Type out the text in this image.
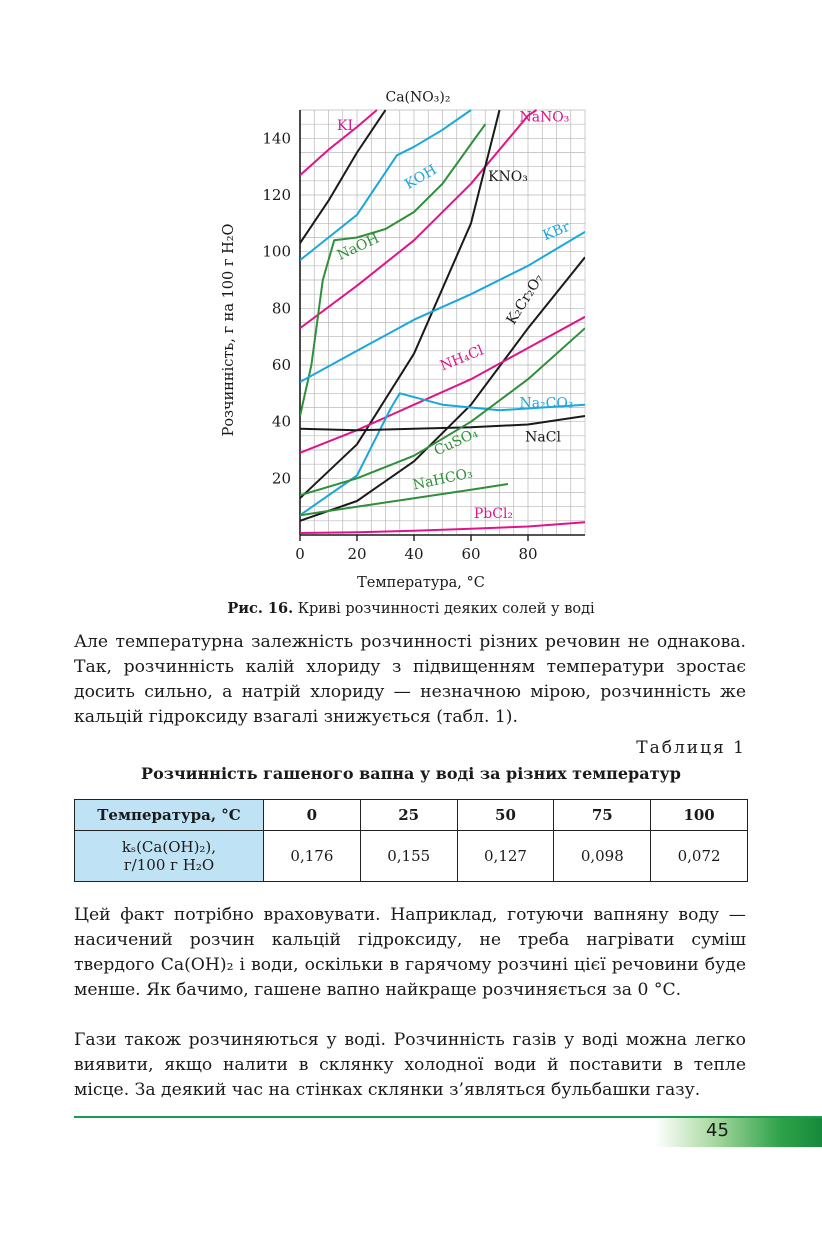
0	20	40	60	80
20
40
60
80
100
120
140
KI
Ca(NO₃)₂
KOH
NaNO₃
KNO₃
NaOH	KBr
K₂Cr₂O₇
NH₄Cl
Na₂CO₃
NaCl
CuSO₄
NaHCO₃
PbCl₂
Розчинність, г на 100 г H₂O
Температура, °С
Рис. 16. Криві розчинності деяких солей у воді

Але температурна залежність розчинності різних речовин не однакова. Так, розчинність калій хлориду з підвищенням температури зростає досить сильно, а натрій хлориду — незначною мірою, розчинність же кальцій гідроксиду взагалі знижується (табл. 1).

Таблиця 1
Розчинність гашеного вапна у воді за різних температур
Температура, °С	0	25	50	75	100

kₛ(Ca(OH)₂),
г/100 г H₂O	0,176	0,155	0,127	0,098	0,072

Цей факт потрібно враховувати. Наприклад, готуючи вапняну воду — насичений розчин кальцій гідроксиду, не треба нагрівати суміш твердого Ca(OH)₂ і води, оскільки в гарячому розчині цієї речовини буде менше. Як бачимо, гашене вапно найкраще розчиняється за 0 °С.

Гази також розчиняються у воді. Розчинність газів у воді можна легко виявити, якщо налити в склянку холодної води й поставити в тепле місце. За деякий час на стінках склянки з’являться бульбашки газу.

45
